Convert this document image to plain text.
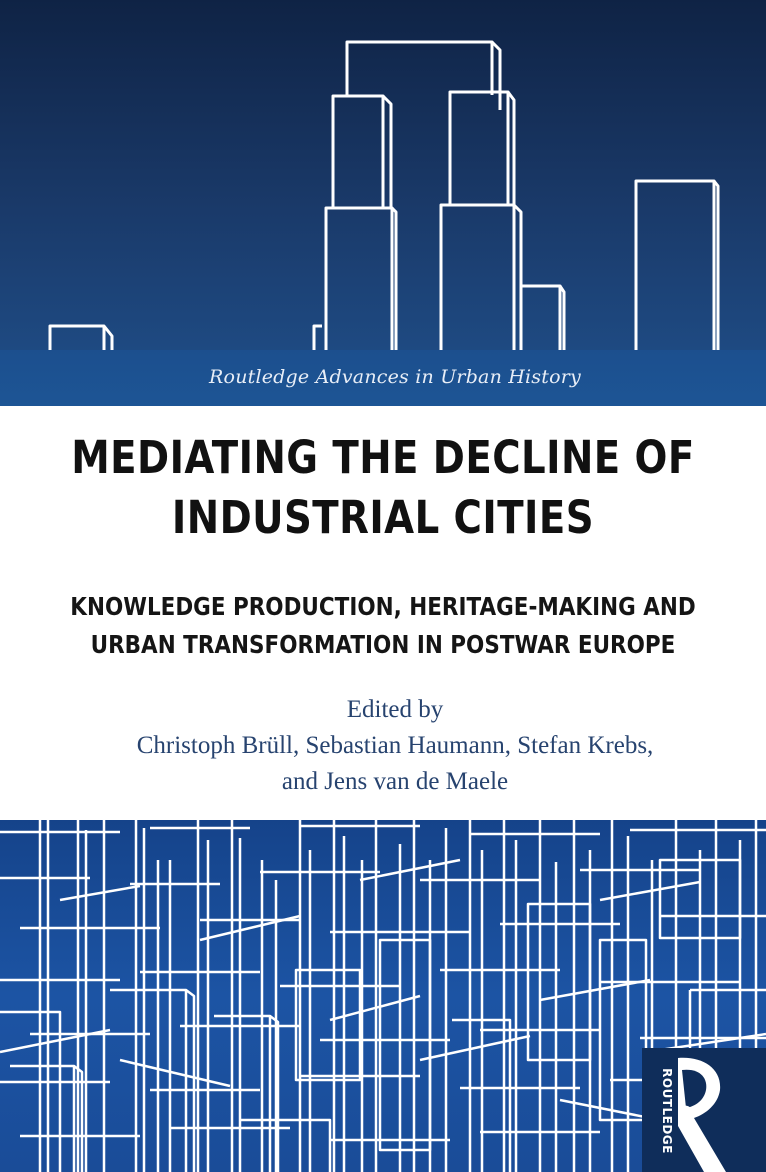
Routledge Advances in Urban History
MEDIATING THE DECLINE OF
INDUSTRIAL CITIES
KNOWLEDGE PRODUCTION, HERITAGE-MAKING AND
URBAN TRANSFORMATION IN POSTWAR EUROPE
Edited by
Christoph Brüll, Sebastian Haumann, Stefan Krebs,
and Jens van de Maele
ROUTLEDGE
